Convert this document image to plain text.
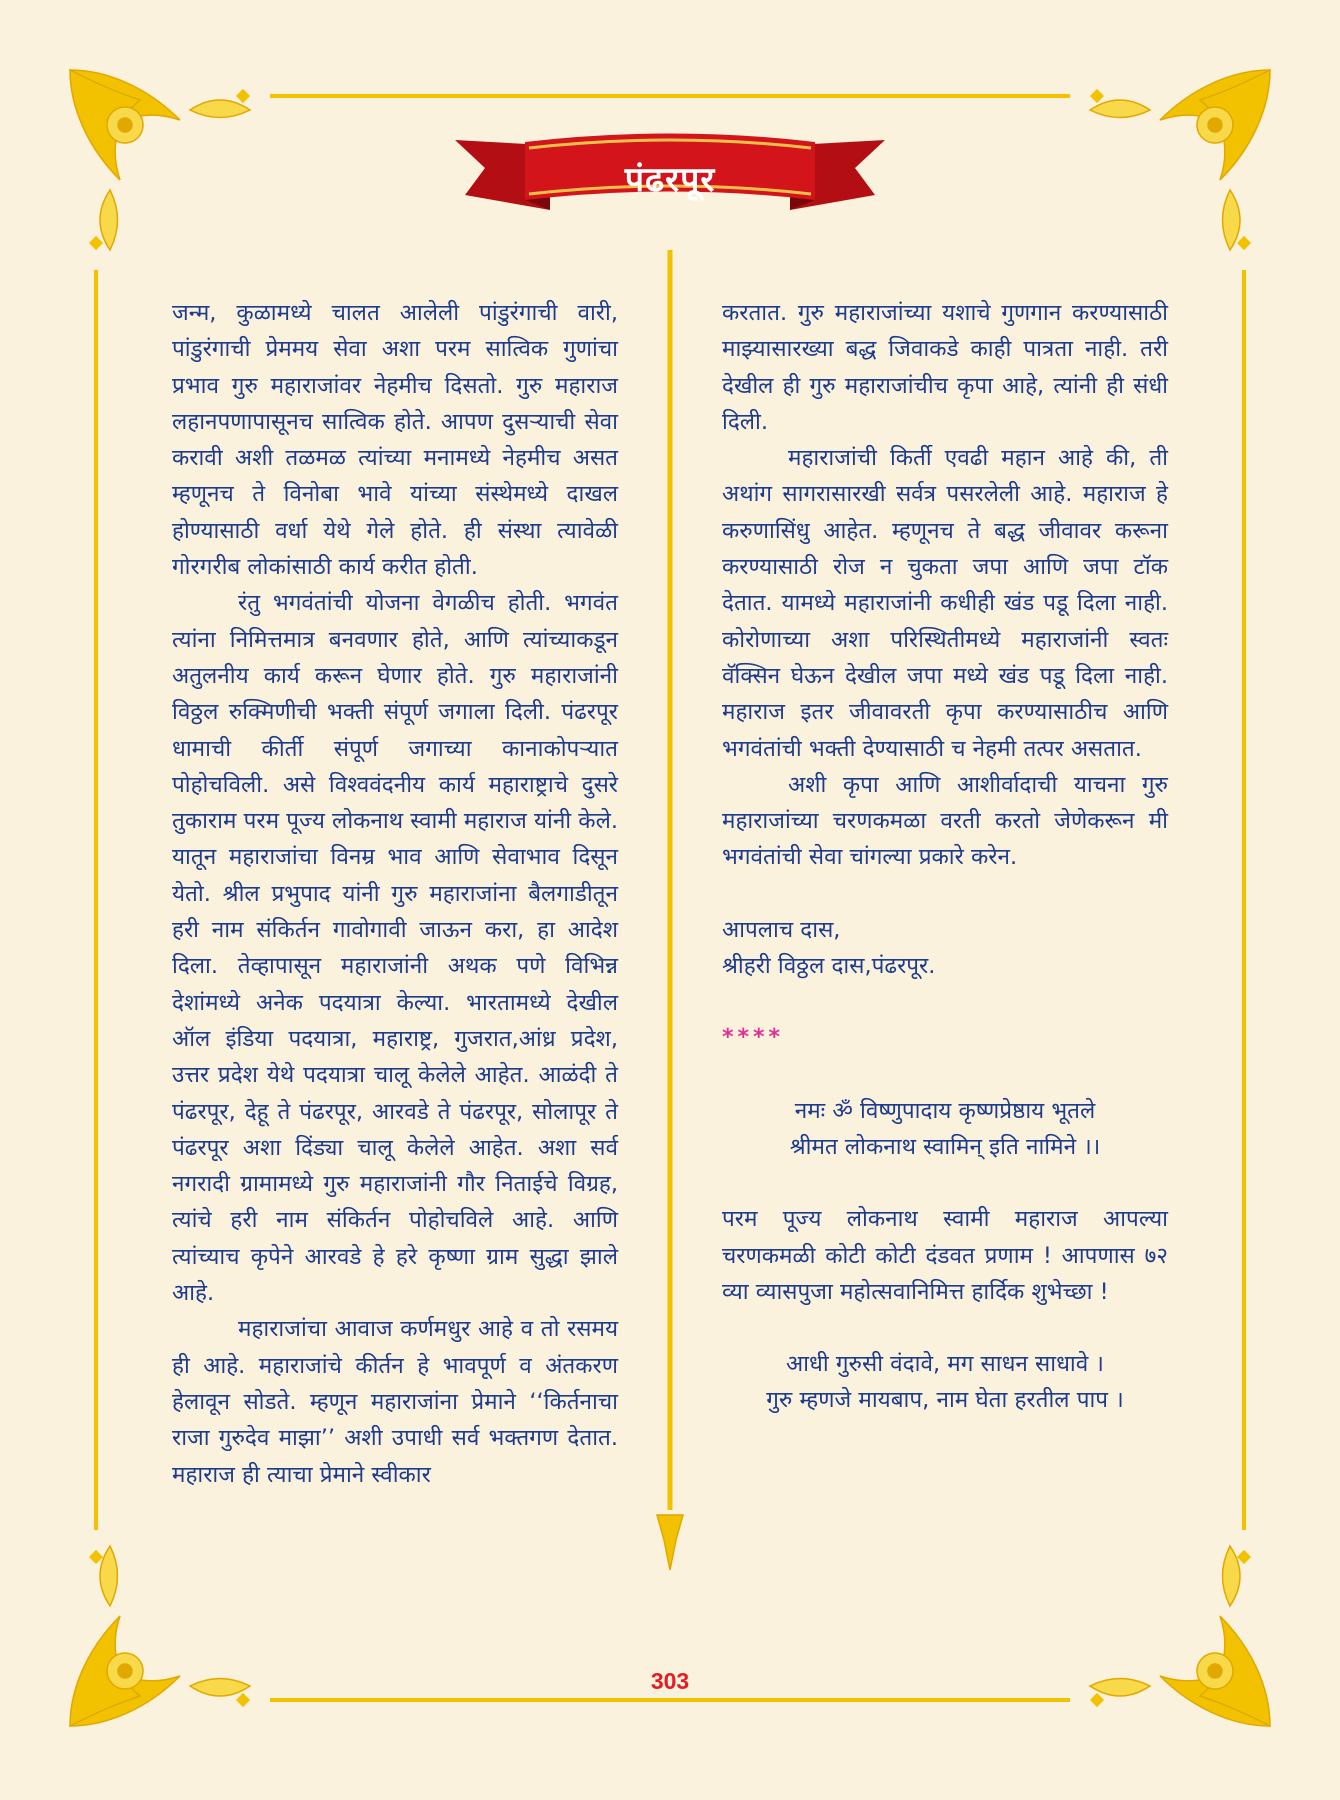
पंढरपूर

जन्म, कुळामध्ये चालत आलेली पांडुरंगाची वारी, पांडुरंगाची प्रेममय सेवा अशा परम सात्विक गुणांचा प्रभाव गुरु महाराजांवर नेहमीच दिसतो. गुरु महाराज लहानपणापासूनच सात्विक होते. आपण दुसऱ्याची सेवा करावी अशी तळमळ त्यांच्या मनामध्ये नेहमीच असत म्हणूनच ते विनोबा भावे यांच्या संस्थेमध्ये दाखल होण्यासाठी वर्धा येथे गेले होते. ही संस्था त्यावेळी गोरगरीब लोकांसाठी कार्य करीत होती.

रंतु भगवंतांची योजना वेगळीच होती. भगवंत त्यांना निमित्तमात्र बनवणार होते, आणि त्यांच्याकडून अतुलनीय कार्य करून घेणार होते. गुरु महाराजांनी विठ्ठल रुक्मिणीची भक्ती संपूर्ण जगाला दिली. पंढरपूर धामाची कीर्ती संपूर्ण जगाच्या कानाकोपऱ्यात पोहोचविली. असे विश्ववंदनीय कार्य महाराष्ट्राचे दुसरे तुकाराम परम पूज्य लोकनाथ स्वामी महाराज यांनी केले. यातून महाराजांचा विनम्र भाव आणि सेवाभाव दिसून येतो. श्रील प्रभुपाद यांनी गुरु महाराजांना बैलगाडीतून हरी नाम संकिर्तन गावोगावी जाऊन करा, हा आदेश दिला. तेव्हापासून महाराजांनी अथक पणे विभिन्न देशांमध्ये अनेक पदयात्रा केल्या. भारतामध्ये देखील ऑल इंडिया पदयात्रा, महाराष्ट्र, गुजरात,आंध्र प्रदेश, उत्तर प्रदेश येथे पदयात्रा चालू केलेले आहेत. आळंदी ते पंढरपूर, देहू ते पंढरपूर, आरवडे ते पंढरपूर, सोलापूर ते पंढरपूर अशा दिंड्या चालू केलेले आहेत. अशा सर्व नगरादी ग्रामामध्ये गुरु महाराजांनी गौर निताईचे विग्रह, त्यांचे हरी नाम संकिर्तन पोहोचविले आहे. आणि त्यांच्याच कृपेने आरवडे हे हरे कृष्णा ग्राम सुद्धा झाले आहे.

महाराजांचा आवाज कर्णमधुर आहे व तो रसमय ही आहे. महाराजांचे कीर्तन हे भावपूर्ण व अंतकरण हेलावून सोडते. म्हणून महाराजांना प्रेमाने ‘‘किर्तनाचा राजा गुरुदेव माझा’’ अशी उपाधी सर्व भक्तगण देतात. महाराज ही त्याचा प्रेमाने स्वीकार

करतात. गुरु महाराजांच्या यशाचे गुणगान करण्यासाठी माझ्यासारख्या बद्ध जिवाकडे काही पात्रता नाही. तरी देखील ही गुरु महाराजांचीच कृपा आहे, त्यांनी ही संधी दिली.

महाराजांची किर्ती एवढी महान आहे की, ती अथांग सागरासारखी सर्वत्र पसरलेली आहे. महाराज हे करुणासिंधु आहेत. म्हणूनच ते बद्ध जीवावर करूना करण्यासाठी रोज न चुकता जपा आणि जपा टॉक देतात. यामध्ये महाराजांनी कधीही खंड पडू दिला नाही. कोरोणाच्या अशा परिस्थितीमध्ये महाराजांनी स्वतः वॅक्सिन घेऊन देखील जपा मध्ये खंड पडू दिला नाही. महाराज इतर जीवावरती कृपा करण्यासाठीच आणि भगवंतांची भक्ती देण्यासाठी च नेहमी तत्पर असतात.

अशी कृपा आणि आशीर्वादाची याचना गुरु महाराजांच्या चरणकमळा वरती करतो जेणेकरून मी भगवंतांची सेवा चांगल्या प्रकारे करेन.

आपलाच दास,

श्रीहरी विठ्ठल दास,पंढरपूर.

****

नमः ॐ विष्णुपादाय कृष्णप्रेष्ठाय भूतले

श्रीमत लोकनाथ स्वामिन् इति नामिने ।।

परम पूज्य लोकनाथ स्वामी महाराज आपल्या चरणकमळी कोटी कोटी दंडवत प्रणाम ! आपणास ७२ व्या व्यासपुजा महोत्सवानिमित्त हार्दिक शुभेच्छा !

आधी गुरुसी वंदावे, मग साधन साधावे ।

गुरु म्हणजे मायबाप, नाम घेता हरतील पाप ।

303
